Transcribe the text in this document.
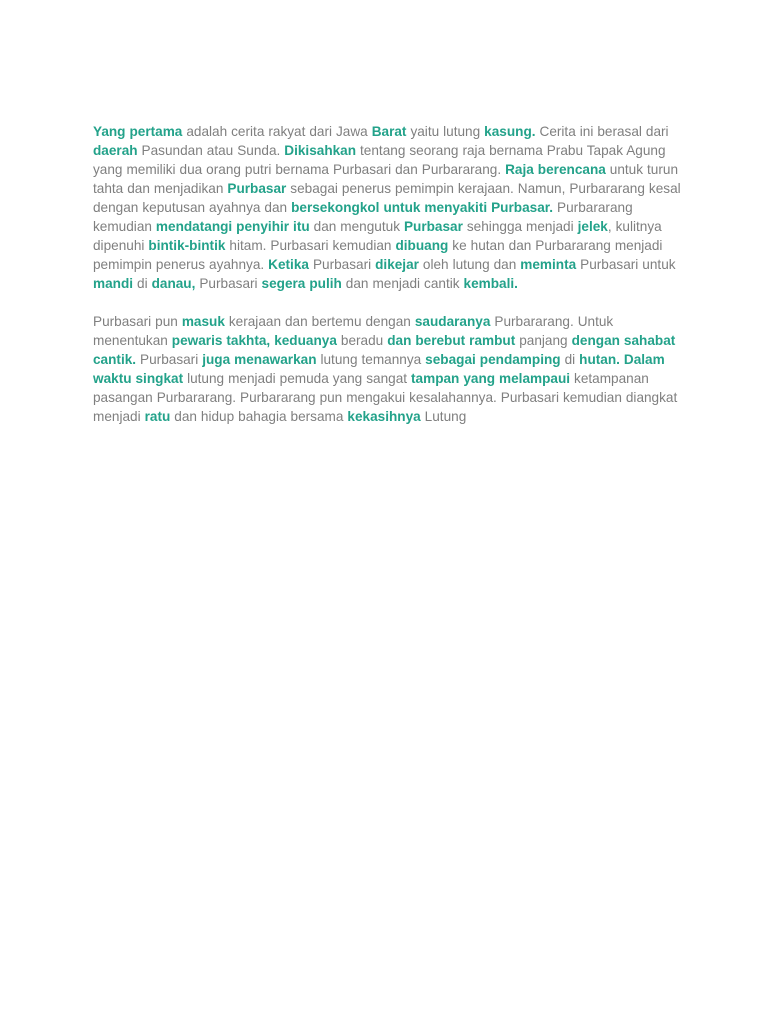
Yang pertama adalah cerita rakyat dari Jawa Barat yaitu lutung kasung. Cerita ini berasal dari daerah Pasundan atau Sunda. Dikisahkan tentang seorang raja bernama Prabu Tapak Agung yang memiliki dua orang putri bernama Purbasari dan Purbararang. Raja berencana untuk turun tahta dan menjadikan Purbasar sebagai penerus pemimpin kerajaan. Namun, Purbararang kesal dengan keputusan ayahnya dan bersekongkol untuk menyakiti Purbasar. Purbararang kemudian mendatangi penyihir itu dan mengutuk Purbasar sehingga menjadi jelek, kulitnya dipenuhi bintik-bintik hitam. Purbasari kemudian dibuang ke hutan dan Purbararang menjadi pemimpin penerus ayahnya. Ketika Purbasari dikejar oleh lutung dan meminta Purbasari untuk mandi di danau, Purbasari segera pulih dan menjadi cantik kembali.

Purbasari pun masuk kerajaan dan bertemu dengan saudaranya Purbararang. Untuk menentukan pewaris takhta, keduanya beradu dan berebut rambut panjang dengan sahabat cantik. Purbasari juga menawarkan lutung temannya sebagai pendamping di hutan. Dalam waktu singkat lutung menjadi pemuda yang sangat tampan yang melampaui ketampanan pasangan Purbararang. Purbararang pun mengakui kesalahannya. Purbasari kemudian diangkat menjadi ratu dan hidup bahagia bersama kekasihnya Lutung
